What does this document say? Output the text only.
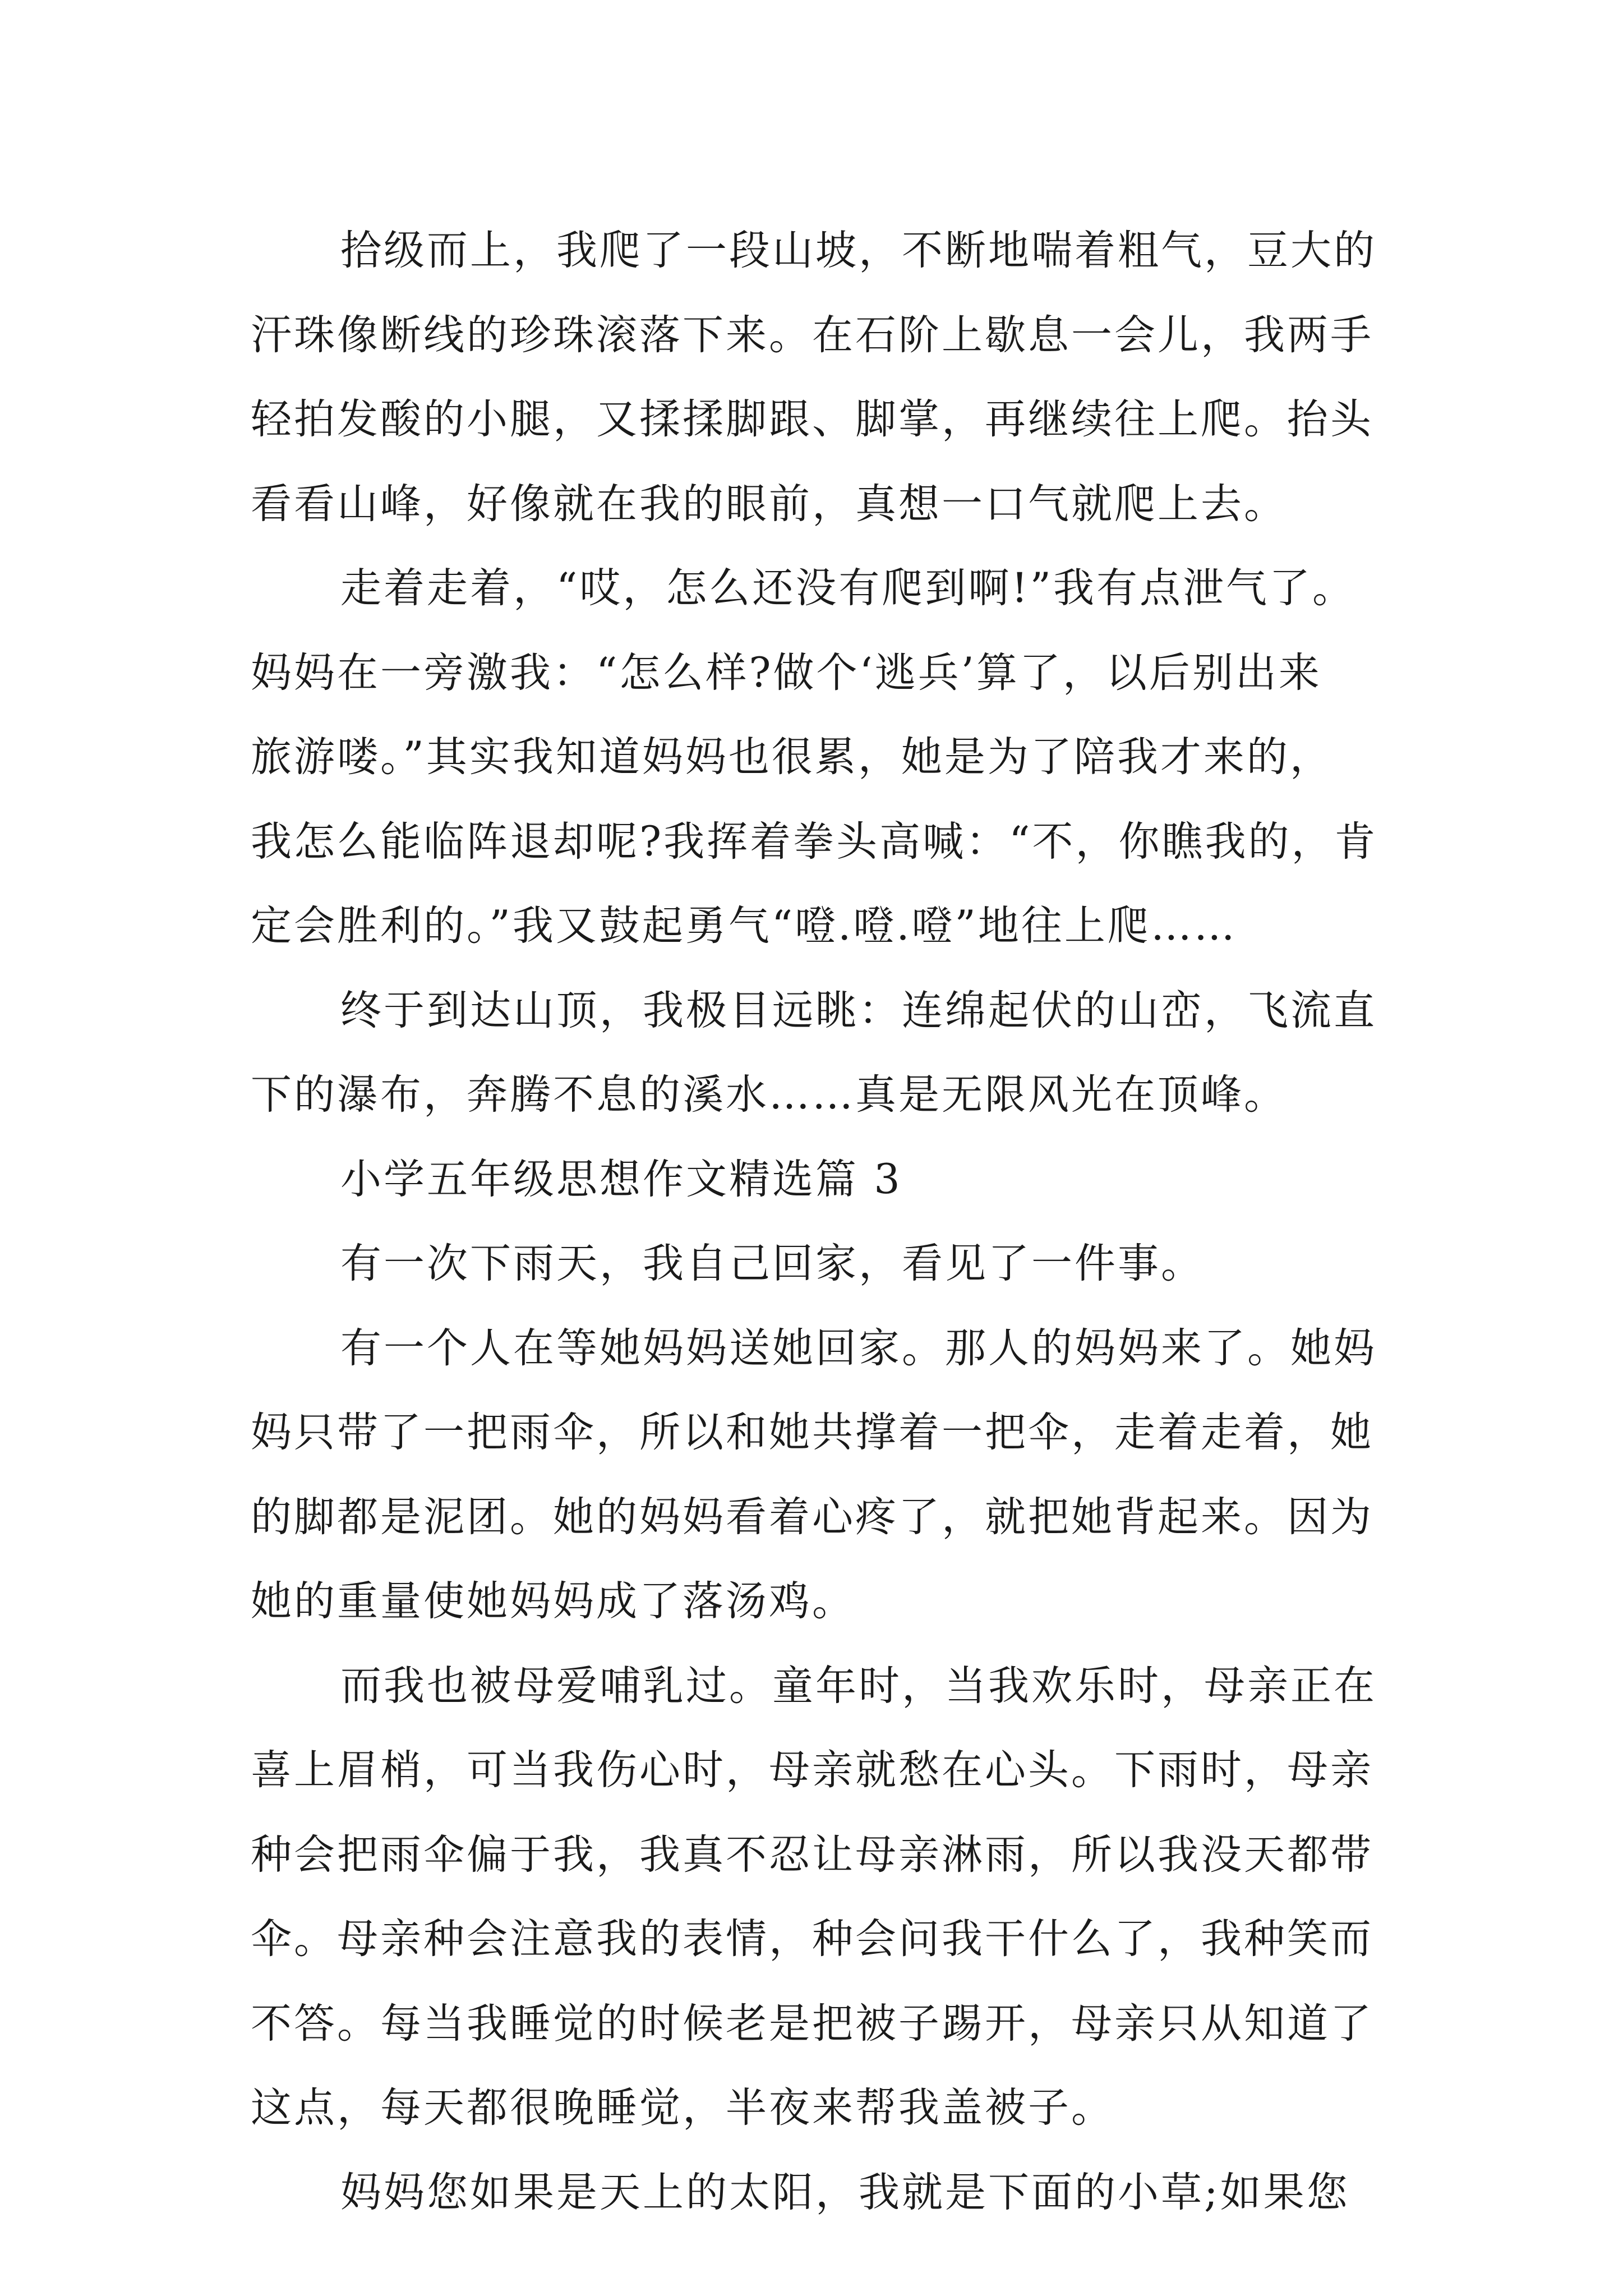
拾级而上，我爬了一段山坡，不断地喘着粗气，豆大的
汗珠像断线的珍珠滚落下来。在石阶上歇息一会儿，我两手
轻拍发酸的小腿，又揉揉脚跟、脚掌，再继续往上爬。抬头
看看山峰，好像就在我的眼前，真想一口气就爬上去。
走着走着，“哎，怎么还没有爬到啊!”我有点泄气了。
妈妈在一旁激我：“怎么样?做个‘逃兵’算了，以后别出来
旅游喽。”其实我知道妈妈也很累，她是为了陪我才来的，
我怎么能临阵退却呢?我挥着拳头高喊：“不，你瞧我的，肯
定会胜利的。”我又鼓起勇气“噔.噔.噔”地往上爬……
终于到达山顶，我极目远眺：连绵起伏的山峦，飞流直
下的瀑布，奔腾不息的溪水……真是无限风光在顶峰。
小学五年级思想作文精选篇 3
有一次下雨天，我自己回家，看见了一件事。
有一个人在等她妈妈送她回家。那人的妈妈来了。她妈
妈只带了一把雨伞，所以和她共撑着一把伞，走着走着，她
的脚都是泥团。她的妈妈看着心疼了，就把她背起来。因为
她的重量使她妈妈成了落汤鸡。
而我也被母爱哺乳过。童年时，当我欢乐时，母亲正在
喜上眉梢，可当我伤心时，母亲就愁在心头。下雨时，母亲
种会把雨伞偏于我，我真不忍让母亲淋雨，所以我没天都带
伞。母亲种会注意我的表情，种会问我干什么了，我种笑而
不答。每当我睡觉的时候老是把被子踢开，母亲只从知道了
这点，每天都很晚睡觉，半夜来帮我盖被子。
妈妈您如果是天上的太阳，我就是下面的小草;如果您
